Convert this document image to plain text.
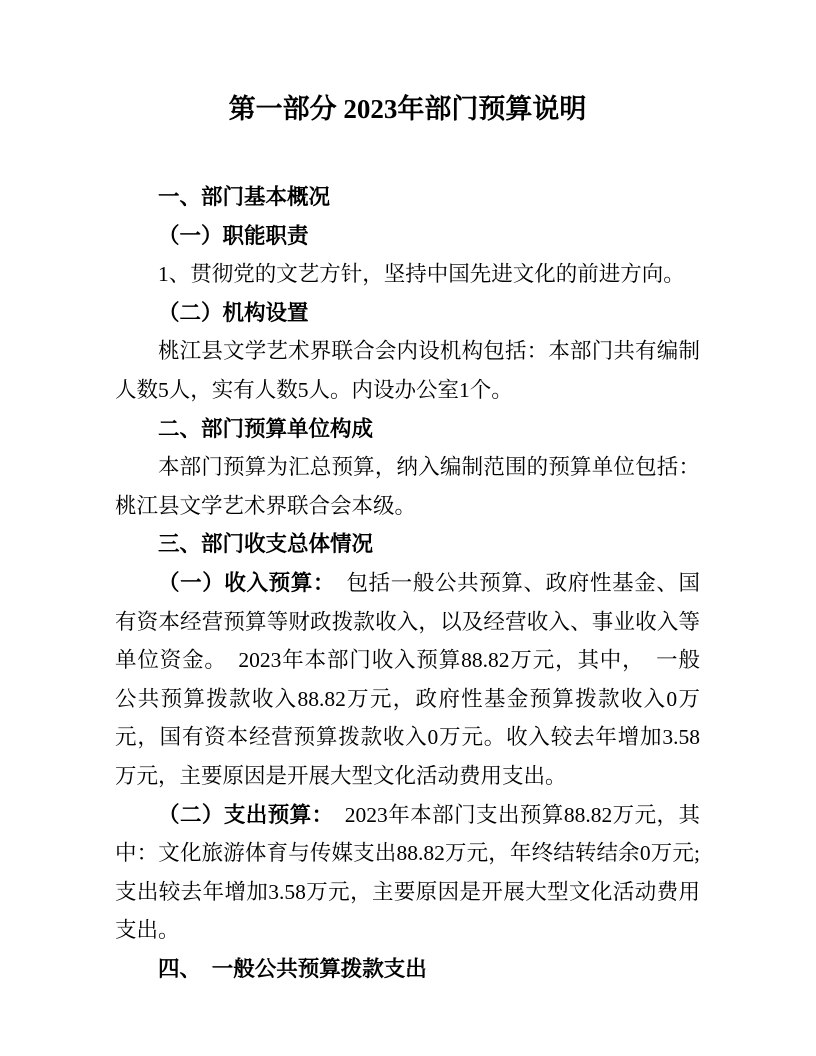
第一部分 2023年部门预算说明

一、部门基本概况

（一）职能职责

1、贯彻党的文艺方针，坚持中国先进文化的前进方向。

（二）机构设置

桃江县文学艺术界联合会内设机构包括：本部门共有编制人数5人，实有人数5人。内设办公室1个。

二、部门预算单位构成

本部门预算为汇总预算，纳入编制范围的预算单位包括：桃江县文学艺术界联合会本级。

三、部门收支总体情况

（一）收入预算：　包括一般公共预算、政府性基金、国有资本经营预算等财政拨款收入，以及经营收入、事业收入等单位资金。　2023年本部门收入预算88.82万元，其中，　一般公共预算拨款收入88.82万元，政府性基金预算拨款收入0万元，国有资本经营预算拨款收入0万元。收入较去年增加3.58万元，主要原因是开展大型文化活动费用支出。

（二）支出预算：　2023年本部门支出预算88.82万元，其中：文化旅游体育与传媒支出88.82万元，年终结转结余0万元;支出较去年增加3.58万元，主要原因是开展大型文化活动费用支出。

四、　一般公共预算拨款支出
